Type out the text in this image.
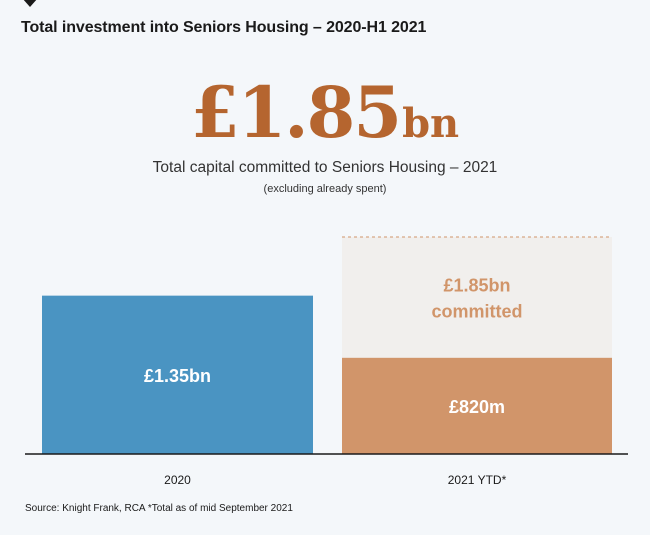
Total investment into Seniors Housing – 2020-H1 2021
£1.85bn
Total capital committed to Seniors Housing – 2021
(excluding already spent)
£1.35bn
2020
£1.85bn
committed
£820m
2021 YTD*
Source: Knight Frank, RCA *Total as of mid September 2021
